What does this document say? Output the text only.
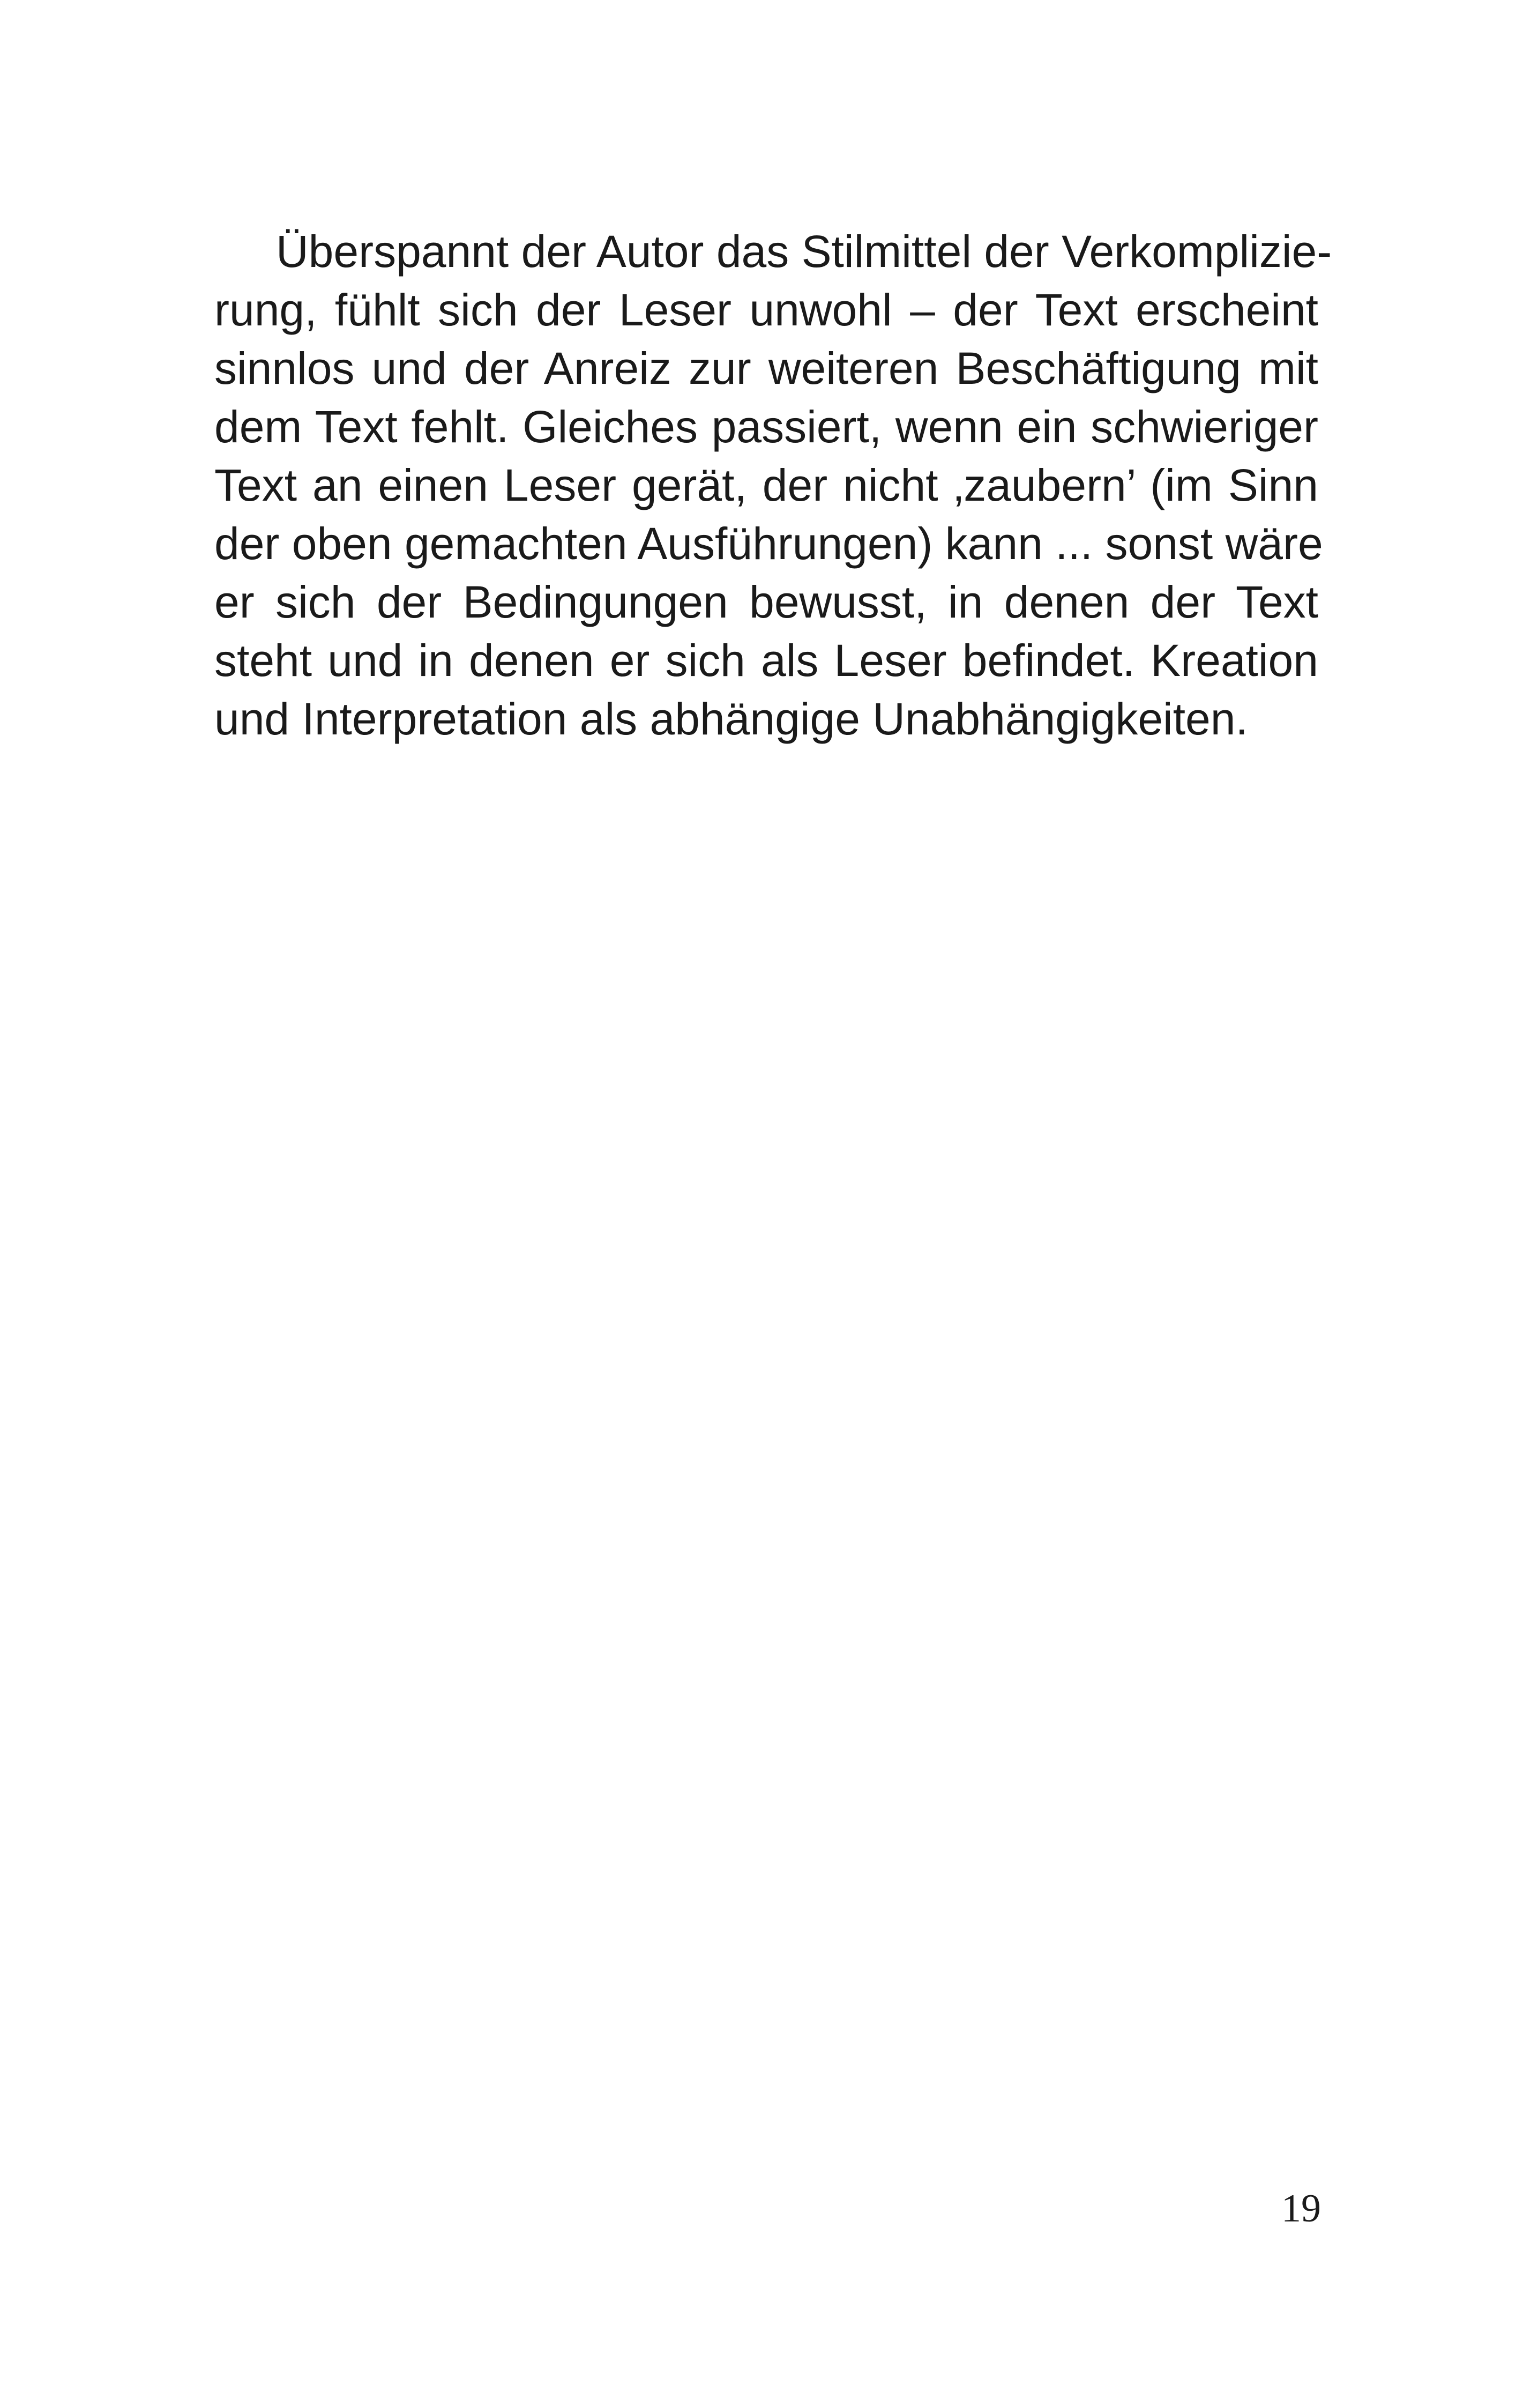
Überspannt der Autor das Stilmittel der Verkomplizie-
rung, fühlt sich der Leser unwohl – der Text erscheint
sinnlos und der Anreiz zur weiteren Beschäftigung mit
dem Text fehlt. Gleiches passiert, wenn ein schwieriger
Text an einen Leser gerät, der nicht ‚zaubern’ (im Sinn
der oben gemachten Ausführungen) kann ... sonst wäre
er sich der Bedingungen bewusst, in denen der Text
steht und in denen er sich als Leser befindet. Kreation
und Interpretation als abhängige Unabhängigkeiten.
19
